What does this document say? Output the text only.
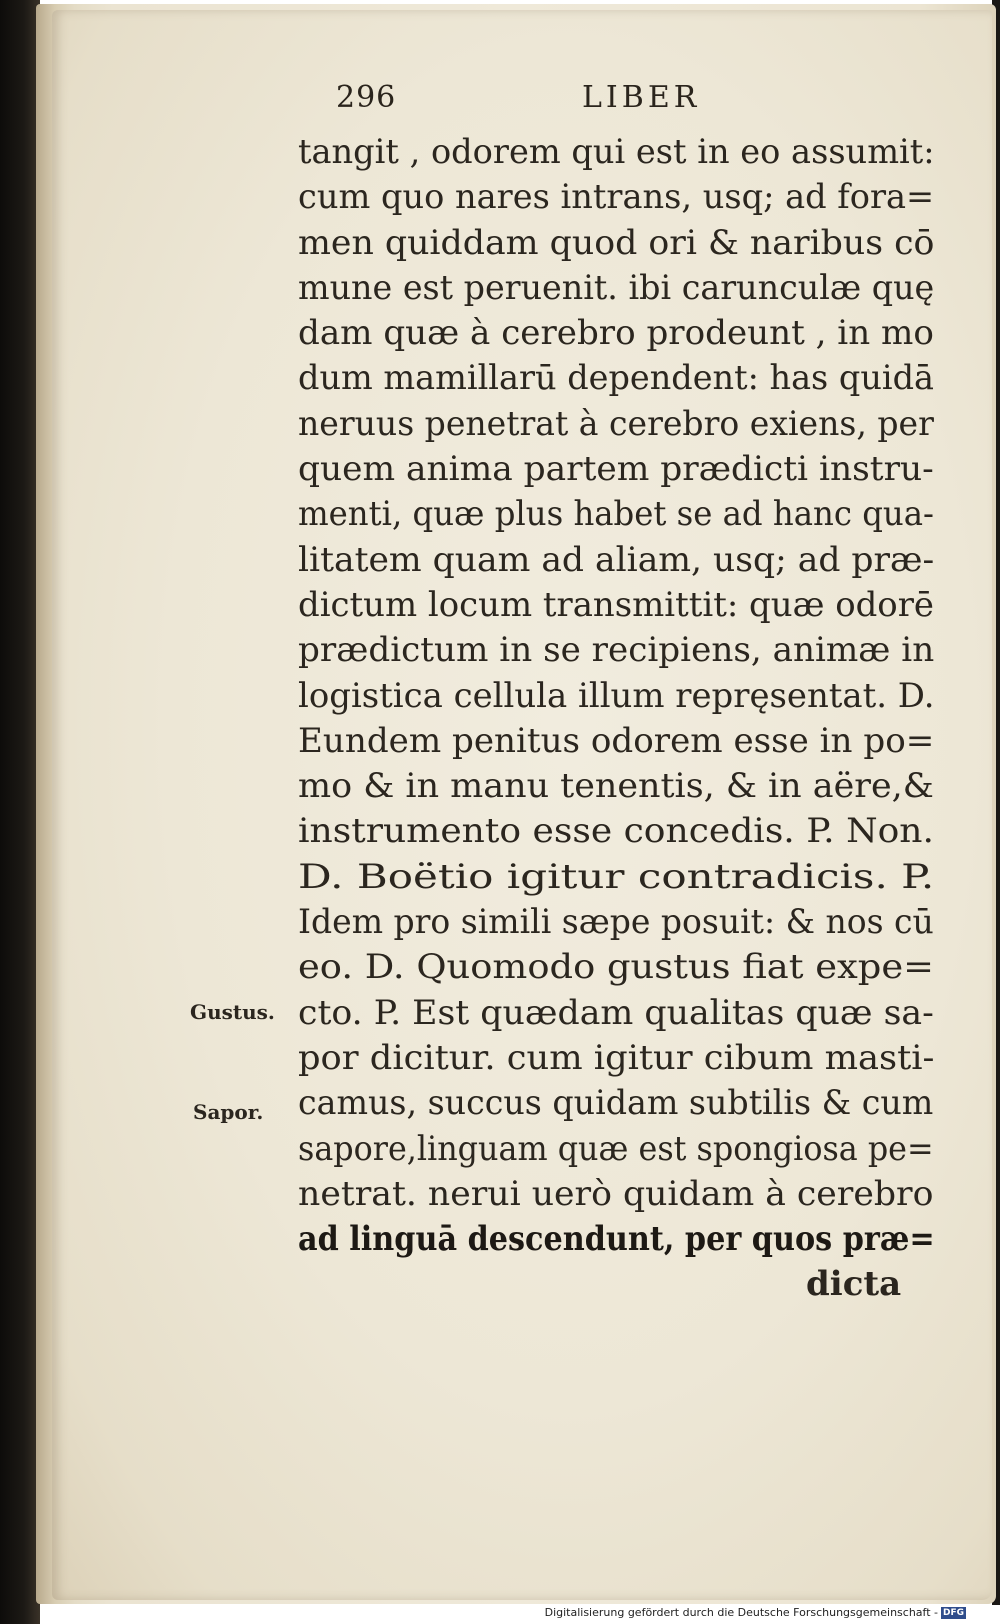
296	LIBER
tangit , odorem qui est in eo assumit:
cum quo nares intrans, usq; ad fora=
men quiddam quod ori & naribus cō
mune est peruenit. ibi carunculæ quę
dam quæ à cerebro prodeunt , in mo
dum mamillarū dependent: has quidā
neruus penetrat à cerebro exiens, per
quem anima partem prædicti instru-
menti, quæ plus habet se ad hanc qua-
litatem quam ad aliam, usq; ad præ-
dictum locum transmittit: quæ odorē
prædictum in se recipiens, animæ in
logistica cellula illum repręsentat. D.
Eundem penitus odorem esse in po=
mo & in manu tenentis, & in aëre,&
instrumento esse concedis. P. Non.
D. Boëtio igitur contradicis. P.
Idem pro simili sæpe posuit: & nos cū
eo. D. Quomodo gustus fiat expe=
cto. P. Est quædam qualitas quæ sa-
por dicitur. cum igitur cibum masti-
camus, succus quidam subtilis & cum
sapore,linguam quæ est spongiosa pe=
netrat. nerui uerò quidam à cerebro
ad linguā descendunt, per quos præ=
dicta
Gustus.
Sapor.
Digitalisierung gefördert durch die Deutsche Forschungsgemeinschaft - DFG
